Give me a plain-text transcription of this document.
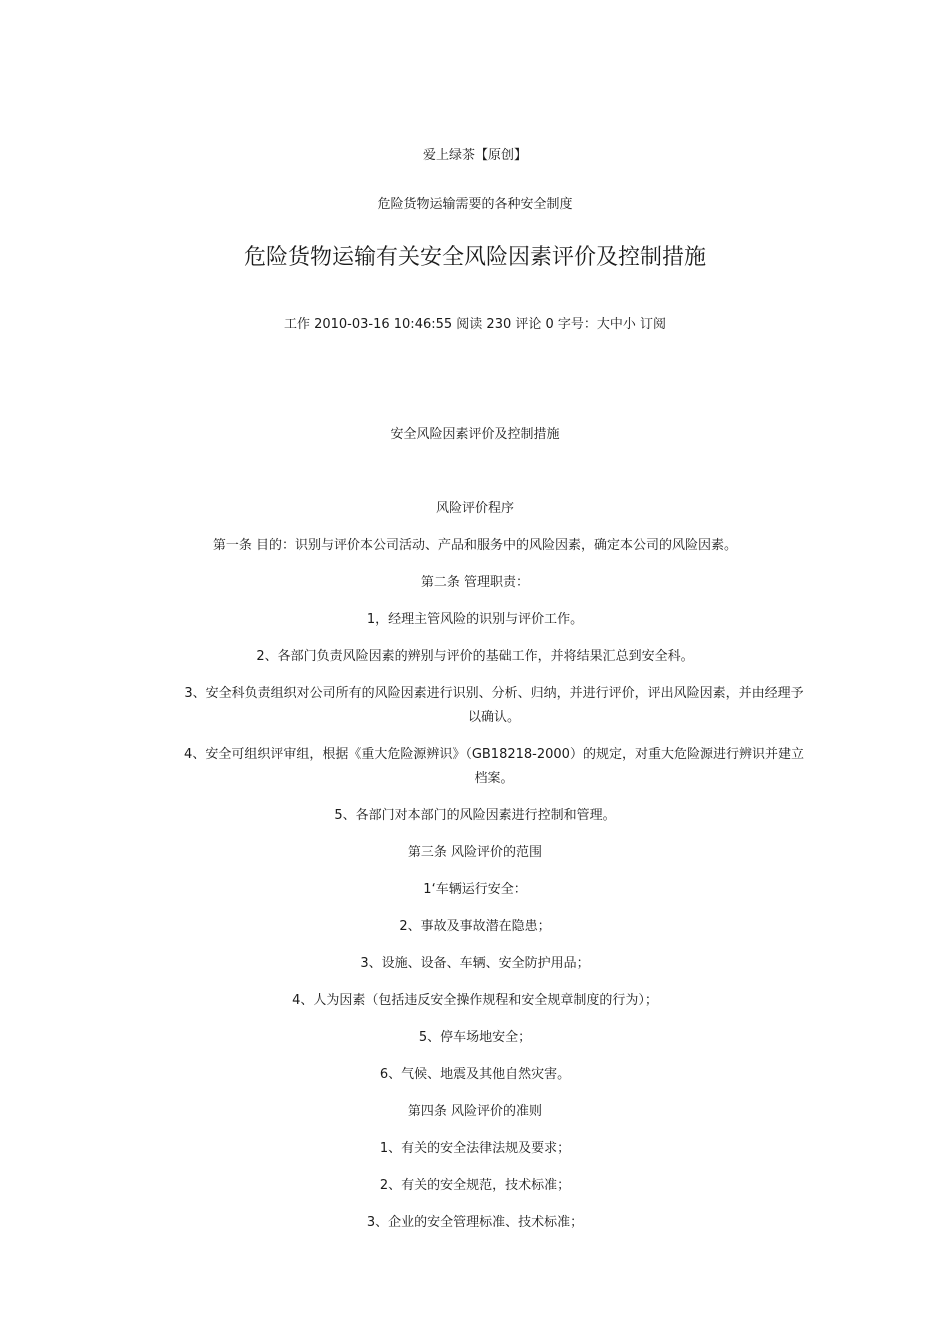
爱上绿茶【原创】
危险货物运输需要的各种安全制度
危险货物运输有关安全风险因素评价及控制措施
工作 2010-03-16 10:46:55 阅读 230 评论 0 字号：大中小 订阅
安全风险因素评价及控制措施
风险评价程序
第一条 目的：识别与评价本公司活动、产品和服务中的风险因素，确定本公司的风险因素。
第二条 管理职责：
1，经理主管风险的识别与评价工作。
2、各部门负责风险因素的辨别与评价的基础工作，并将结果汇总到安全科。
3、安全科负责组织对公司所有的风险因素进行识别、分析、归纳，并进行评价，评出风险因素，并由经理予以确认。
4、安全可组织评审组，根据《重大危险源辨识》（GB18218-2000）的规定，对重大危险源进行辨识并建立档案。
5、各部门对本部门的风险因素进行控制和管理。
第三条 风险评价的范围
1‘车辆运行安全：
2、事故及事故潜在隐患；
3、设施、设备、车辆、安全防护用品；
4、人为因素（包括违反安全操作规程和安全规章制度的行为）；
5、停车场地安全；
6、气候、地震及其他自然灾害。
第四条 风险评价的准则
1、有关的安全法律法规及要求；
2、有关的安全规范，技术标准；
3、企业的安全管理标准、技术标准；
